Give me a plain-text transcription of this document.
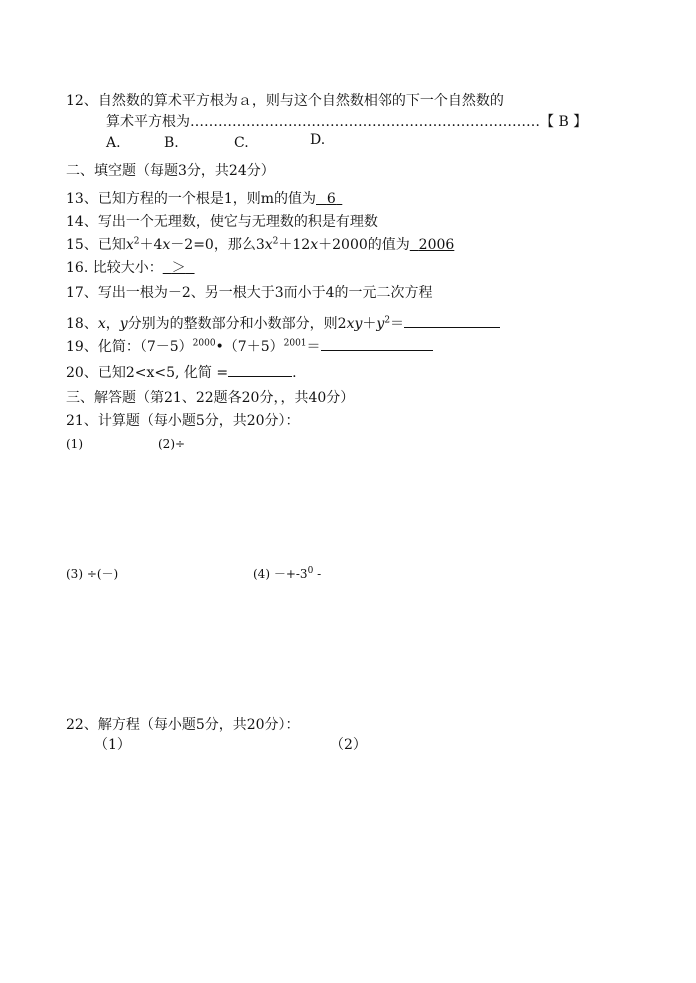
12、自然数的算术平方根为ａ，则与这个自然数相邻的下一个自然数的
算术平方根为…………………………………………………………………【 B 】
A.	B.	C.	D.
二、填空题（每题3分，共24分）
13、已知方程的一个根是1，则m的值为 6
14、写出一个无理数，使它与无理数的积是有理数
15、已知$x^2+4x-2=0$，那么$3x^2+12x+2000$的值为 2006
16. 比较大小： ＞
17、写出一根为－2、另一根大于3而小于4的一元二次方程
18、x，y分别为的整数部分和小数部分，则$2xy+y^2=$
19、化简：$(7-5)^{2000}•(7+5)^{2001}=$
20、已知2<x<5, 化简 =	.
三、解答题（第21、22题各20分，，共40分）
21、计算题（每小题5分，共20分）：
(1)	(2)÷
(3) ÷(－)	$(4) -+-3^0$ -
22、解方程（每小题5分，共20分）：
（1）	（2）
